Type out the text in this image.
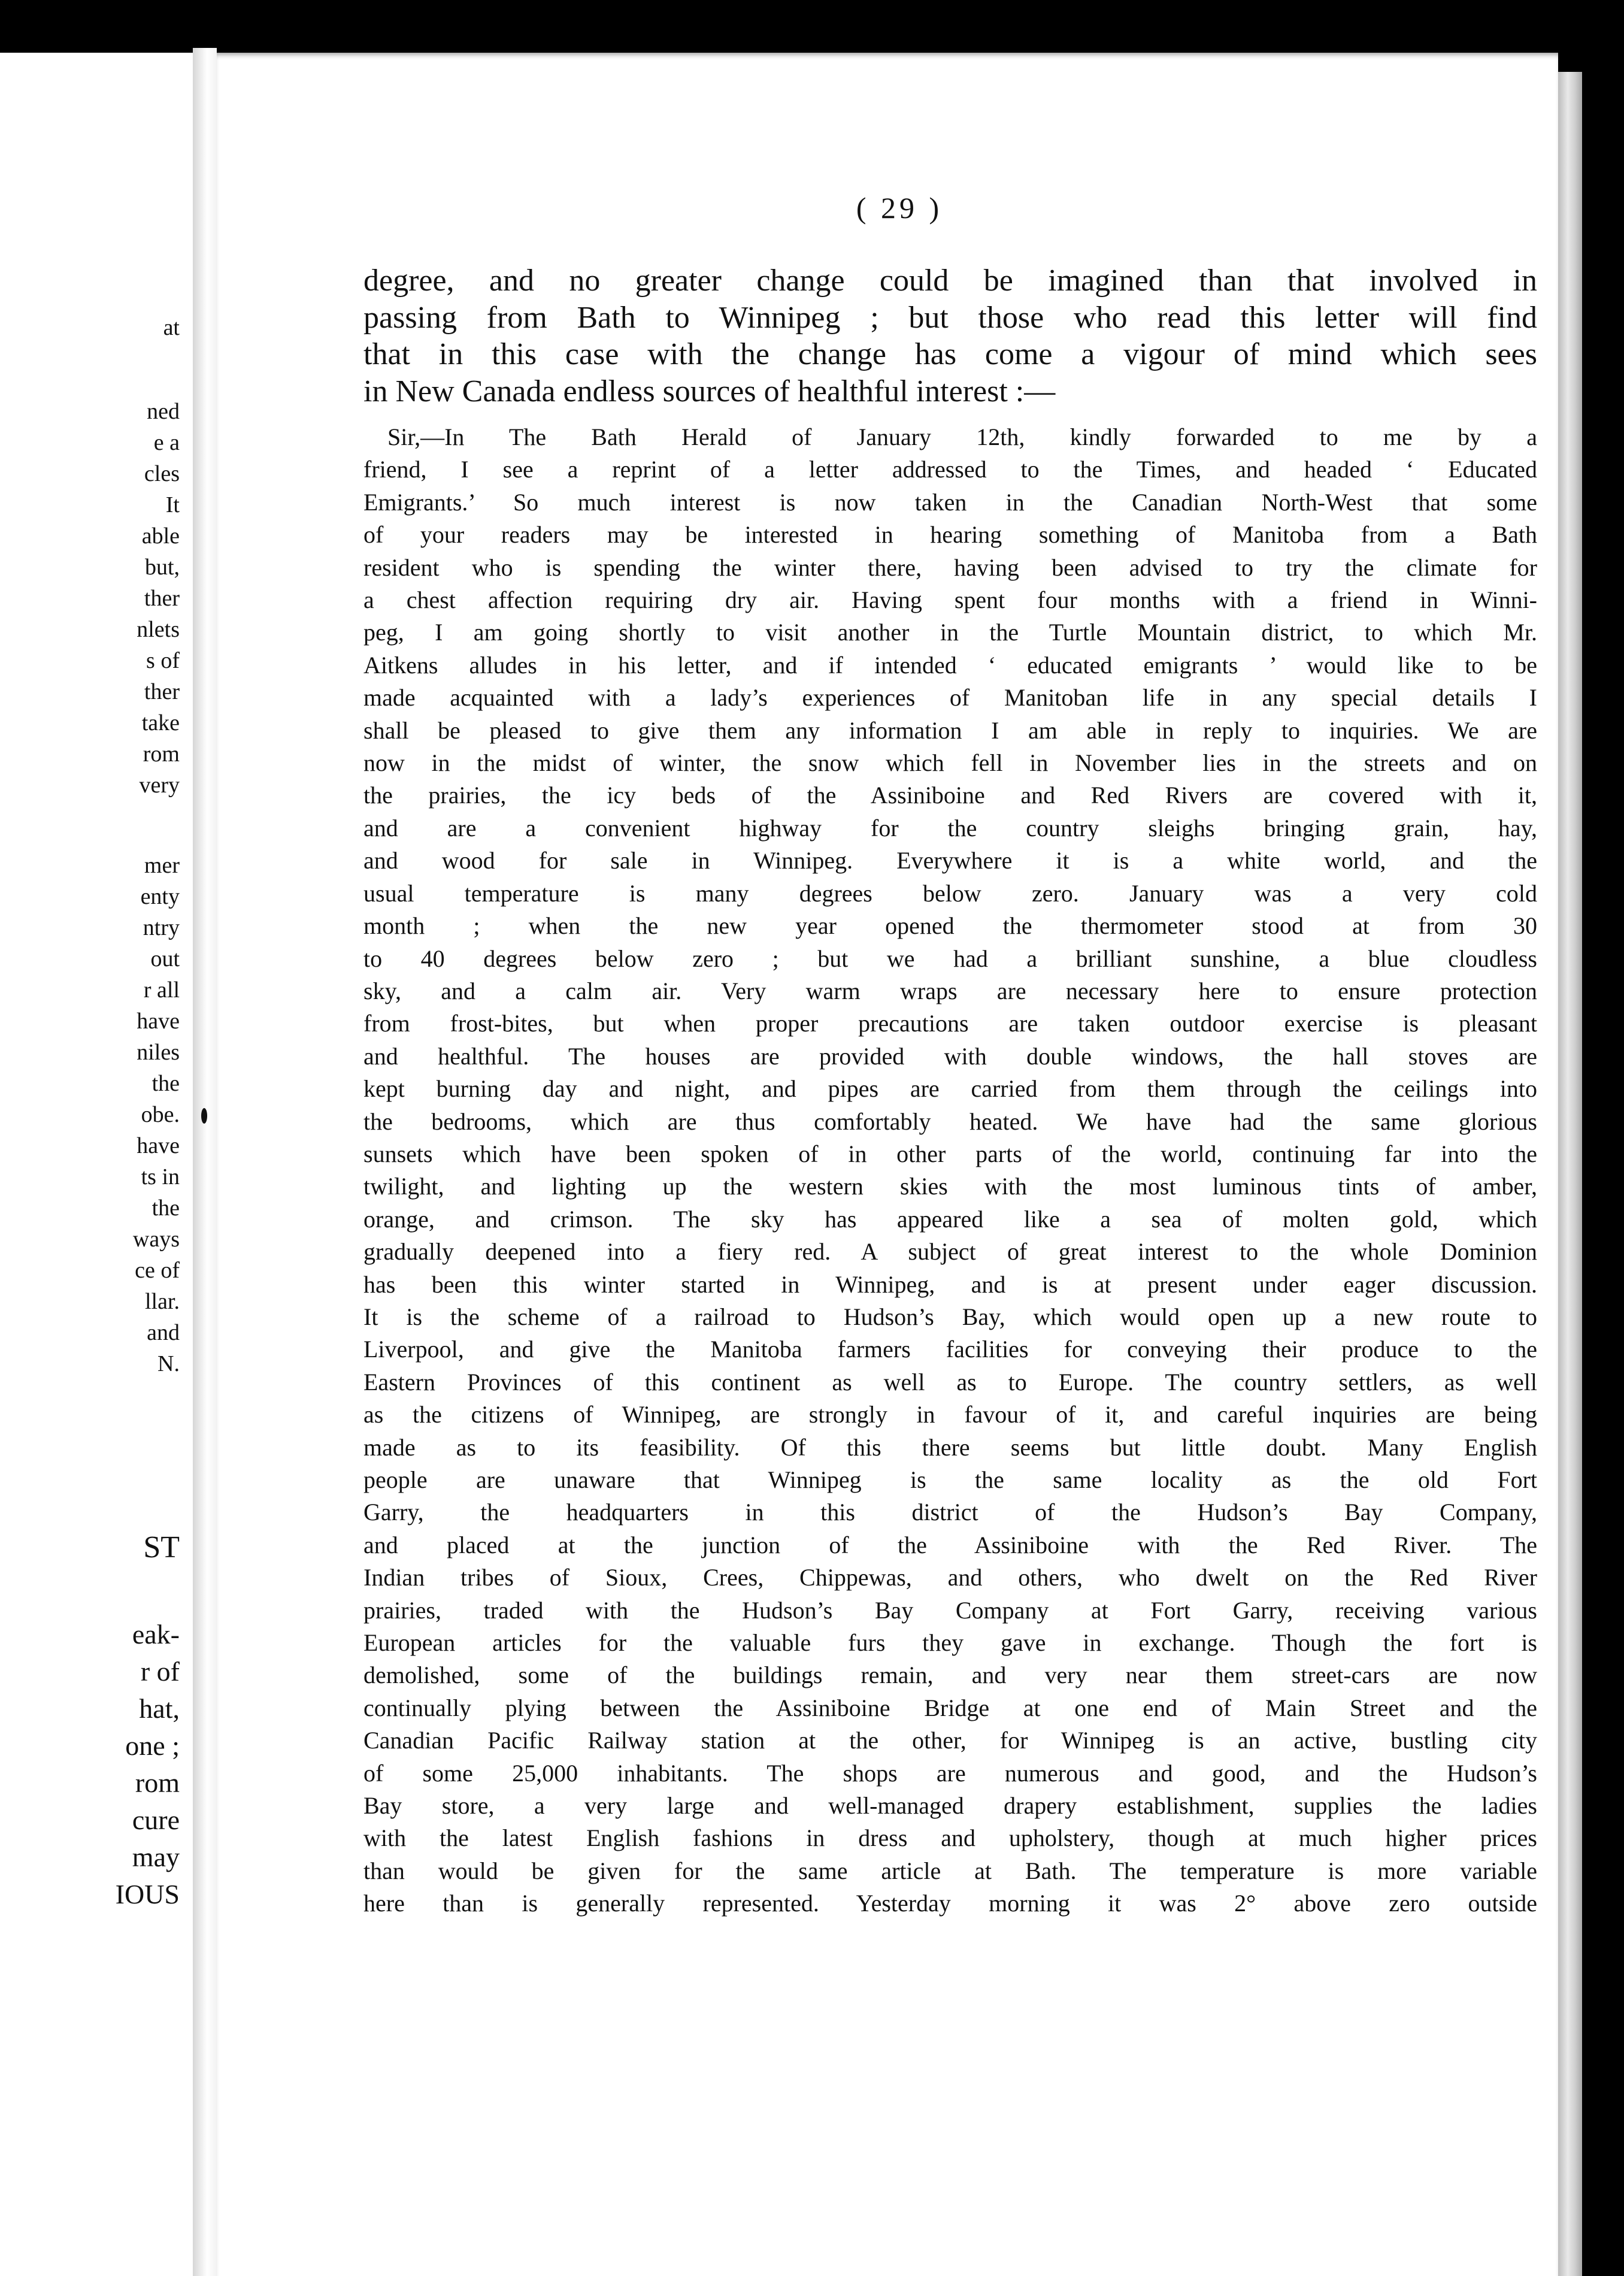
at
ned
e a
cles
It
able
but,
ther
nlets
s of
ther
take
rom
very
mer
enty
ntry
out
r all
have
niles
the
obe.
have
ts in
the
ways
ce of
llar.
and
N.
ST
eak-
r of
hat,
one ;
rom
cure
may
IOUS
( 29 )
degree, and no greater change could be imagined than that involved in
passing from Bath to Winnipeg ; but those who read this letter will find
that in this case with the change has come a vigour of mind which sees
in New Canada endless sources of healthful interest :—
Sir,—In The Bath Herald of January 12th, kindly forwarded to me by a
friend, I see a reprint of a letter addressed to the Times, and headed ‘ Educated
Emigrants.’ So much interest is now taken in the Canadian North-West that some
of your readers may be interested in hearing something of Manitoba from a Bath
resident who is spending the winter there, having been advised to try the climate for
a chest affection requiring dry air. Having spent four months with a friend in Winni-
peg, I am going shortly to visit another in the Turtle Mountain district, to which Mr.
Aitkens alludes in his letter, and if intended ‘ educated emigrants ’ would like to be
made acquainted with a lady’s experiences of Manitoban life in any special details I
shall be pleased to give them any information I am able in reply to inquiries. We are
now in the midst of winter, the snow which fell in November lies in the streets and on
the prairies, the icy beds of the Assiniboine and Red Rivers are covered with it,
and are a convenient highway for the country sleighs bringing grain, hay,
and wood for sale in Winnipeg. Everywhere it is a white world, and the
usual temperature is many degrees below zero. January was a very cold
month ; when the new year opened the thermometer stood at from 30
to 40 degrees below zero ; but we had a brilliant sunshine, a blue cloudless
sky, and a calm air. Very warm wraps are necessary here to ensure protection
from frost-bites, but when proper precautions are taken outdoor exercise is pleasant
and healthful. The houses are provided with double windows, the hall stoves are
kept burning day and night, and pipes are carried from them through the ceilings into
the bedrooms, which are thus comfortably heated. We have had the same glorious
sunsets which have been spoken of in other parts of the world, continuing far into the
twilight, and lighting up the western skies with the most luminous tints of amber,
orange, and crimson. The sky has appeared like a sea of molten gold, which
gradually deepened into a fiery red. A subject of great interest to the whole Dominion
has been this winter started in Winnipeg, and is at present under eager discussion.
It is the scheme of a railroad to Hudson’s Bay, which would open up a new route to
Liverpool, and give the Manitoba farmers facilities for conveying their produce to the
Eastern Provinces of this continent as well as to Europe. The country settlers, as well
as the citizens of Winnipeg, are strongly in favour of it, and careful inquiries are being
made as to its feasibility. Of this there seems but little doubt. Many English
people are unaware that Winnipeg is the same locality as the old Fort
Garry, the headquarters in this district of the Hudson’s Bay Company,
and placed at the junction of the Assiniboine with the Red River. The
Indian tribes of Sioux, Crees, Chippewas, and others, who dwelt on the Red River
prairies, traded with the Hudson’s Bay Company at Fort Garry, receiving various
European articles for the valuable furs they gave in exchange. Though the fort is
demolished, some of the buildings remain, and very near them street-cars are now
continually plying between the Assiniboine Bridge at one end of Main Street and the
Canadian Pacific Railway station at the other, for Winnipeg is an active, bustling city
of some 25,000 inhabitants. The shops are numerous and good, and the Hudson’s
Bay store, a very large and well-managed drapery establishment, supplies the ladies
with the latest English fashions in dress and upholstery, though at much higher prices
than would be given for the same article at Bath. The temperature is more variable
here than is generally represented. Yesterday morning it was 2° above zero outside
